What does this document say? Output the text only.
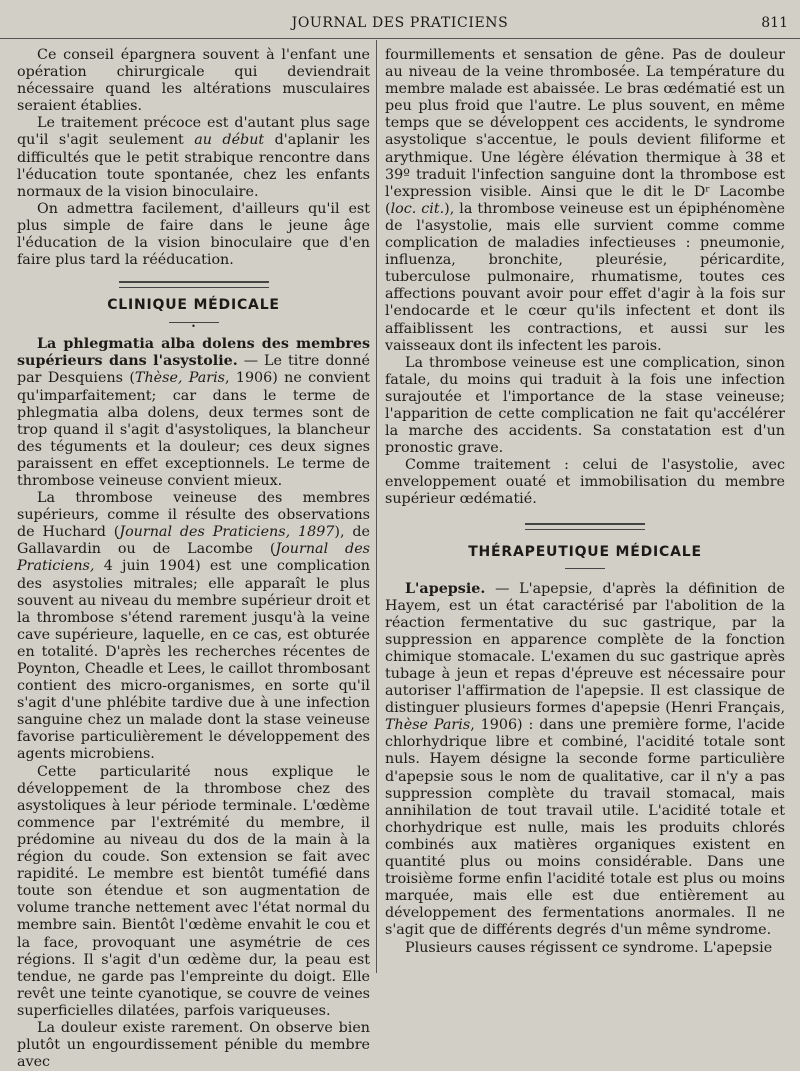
JOURNAL DES PRATICIENS	811

Ce conseil épargnera souvent à l'enfant une opération chirurgicale qui deviendrait nécessaire quand les altérations musculaires seraient établies.

Le traitement précoce est d'autant plus sage qu'il s'agit seulement au début d'aplanir les difficultés que le petit strabique rencontre dans l'éducation toute spontanée, chez les enfants normaux de la vision binoculaire.

On admettra facilement, d'ailleurs qu'il est plus simple de faire dans le jeune âge l'éducation de la vision binoculaire que d'en faire plus tard la rééducation.

CLINIQUE MÉDICALE
•

La phlegmatia alba dolens des membres supérieurs dans l'asystolie. — Le titre donné par Desquiens (Thèse, Paris, 1906) ne convient qu'imparfaitement; car dans le terme de phlegmatia alba dolens, deux termes sont de trop quand il s'agit d'asystoliques, la blancheur des téguments et la douleur; ces deux signes paraissent en effet exceptionnels. Le terme de thrombose veineuse convient mieux.

La thrombose veineuse des membres supérieurs, comme il résulte des observations de Huchard (Journal des Praticiens, 1897), de Gallavardin ou de Lacombe (Journal des Praticiens, 4 juin 1904) est une complication des asystolies mitrales; elle apparaît le plus souvent au niveau du membre supérieur droit et la thrombose s'étend rarement jusqu'à la veine cave supérieure, laquelle, en ce cas, est obturée en totalité. D'après les recherches récentes de Poynton, Cheadle et Lees, le caillot thrombosant contient des micro-organismes, en sorte qu'il s'agit d'une phlébite tardive due à une infection sanguine chez un malade dont la stase veineuse favorise particulièrement le développement des agents microbiens.

Cette particularité nous explique le développement de la thrombose chez des asystoliques à leur période terminale. L'œdème commence par l'extrémité du membre, il prédomine au niveau du dos de la main à la région du coude. Son extension se fait avec rapidité. Le membre est bientôt tuméfié dans toute son étendue et son augmentation de volume tranche nettement avec l'état normal du membre sain. Bientôt l'œdème envahit le cou et la face, provoquant une asymétrie de ces régions. Il s'agit d'un œdème dur, la peau est tendue, ne garde pas l'empreinte du doigt. Elle revêt une teinte cyanotique, se couvre de veines superficielles dilatées, parfois variqueuses.

La douleur existe rarement. On observe bien plutôt un engourdissement pénible du membre avec

fourmillements et sensation de gêne. Pas de douleur au niveau de la veine thrombosée. La température du membre malade est abaissée. Le bras œdématié est un peu plus froid que l'autre. Le plus souvent, en même temps que se développent ces accidents, le syndrome asystolique s'accentue, le pouls devient filiforme et arythmique. Une légère élévation thermique à 38 et 39º traduit l'infection sanguine dont la thrombose est l'expression visible. Ainsi que le dit le Dʳ Lacombe (loc. cit.), la thrombose veineuse est un épiphénomène de l'asystolie, mais elle survient comme comme complication de maladies infectieuses : pneumonie, influenza, bronchite, pleurésie, péricardite, tuberculose pulmonaire, rhumatisme, toutes ces affections pouvant avoir pour effet d'agir à la fois sur l'endocarde et le cœur qu'ils infectent et dont ils affaiblissent les contractions, et aussi sur les vaisseaux dont ils infectent les parois.

La thrombose veineuse est une complication, sinon fatale, du moins qui traduit à la fois une infection surajoutée et l'importance de la stase veineuse; l'apparition de cette complication ne fait qu'accélérer la marche des accidents. Sa constatation est d'un pronostic grave.

Comme traitement : celui de l'asystolie, avec enveloppement ouaté et immobilisation du membre supérieur œdématié.

THÉRAPEUTIQUE MÉDICALE

L'apepsie. — L'apepsie, d'après la définition de Hayem, est un état caractérisé par l'abolition de la réaction fermentative du suc gastrique, par la suppression en apparence complète de la fonction chimique stomacale. L'examen du suc gastrique après tubage à jeun et repas d'épreuve est nécessaire pour autoriser l'affirmation de l'apepsie. Il est classique de distinguer plusieurs formes d'apepsie (Henri Français, Thèse Paris, 1906) : dans une première forme, l'acide chlorhydrique libre et combiné, l'acidité totale sont nuls. Hayem désigne la seconde forme particulière d'apepsie sous le nom de qualitative, car il n'y a pas suppression complète du travail stomacal, mais annihilation de tout travail utile. L'acidité totale et chorhydrique est nulle, mais les produits chlorés combinés aux matières organiques existent en quantité plus ou moins considérable. Dans une troisième forme enfin l'acidité totale est plus ou moins marquée, mais elle est due entièrement au développement des fermentations anormales. Il ne s'agit que de différents degrés d'un même syndrome.

Plusieurs causes régissent ce syndrome. L'apepsie
